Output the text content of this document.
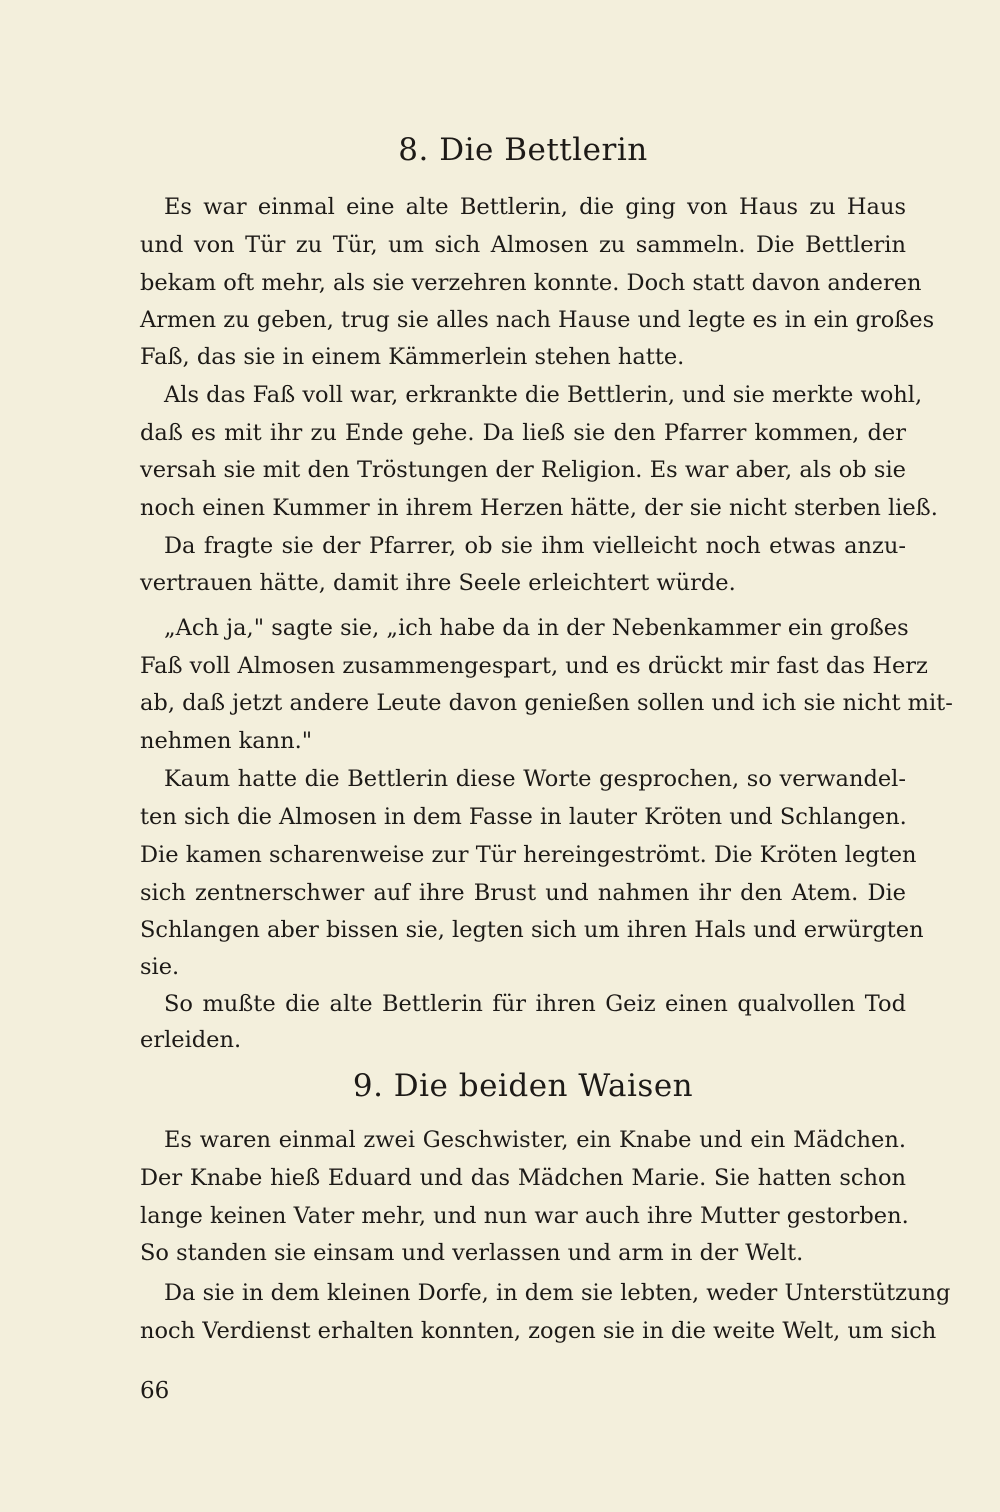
8. Die Bettlerin
Es war einmal eine alte Bettlerin, die ging von Haus zu Haus
und von Tür zu Tür, um sich Almosen zu sammeln. Die Bettlerin
bekam oft mehr, als sie verzehren konnte. Doch statt davon anderen
Armen zu geben, trug sie alles nach Hause und legte es in ein großes
Faß, das sie in einem Kämmerlein stehen hatte.
Als das Faß voll war, erkrankte die Bettlerin, und sie merkte wohl,
daß es mit ihr zu Ende gehe. Da ließ sie den Pfarrer kommen, der
versah sie mit den Tröstungen der Religion. Es war aber, als ob sie
noch einen Kummer in ihrem Herzen hätte, der sie nicht sterben ließ.
Da fragte sie der Pfarrer, ob sie ihm vielleicht noch etwas anzu-
vertrauen hätte, damit ihre Seele erleichtert würde.
„Ach ja," sagte sie, „ich habe da in der Nebenkammer ein großes
Faß voll Almosen zusammengespart, und es drückt mir fast das Herz
ab, daß jetzt andere Leute davon genießen sollen und ich sie nicht mit-
nehmen kann."
Kaum hatte die Bettlerin diese Worte gesprochen, so verwandel-
ten sich die Almosen in dem Fasse in lauter Kröten und Schlangen.
Die kamen scharenweise zur Tür hereingeströmt. Die Kröten legten
sich zentnerschwer auf ihre Brust und nahmen ihr den Atem. Die
Schlangen aber bissen sie, legten sich um ihren Hals und erwürgten
sie.
So mußte die alte Bettlerin für ihren Geiz einen qualvollen Tod
erleiden.
9. Die beiden Waisen
Es waren einmal zwei Geschwister, ein Knabe und ein Mädchen.
Der Knabe hieß Eduard und das Mädchen Marie. Sie hatten schon
lange keinen Vater mehr, und nun war auch ihre Mutter gestorben.
So standen sie einsam und verlassen und arm in der Welt.
Da sie in dem kleinen Dorfe, in dem sie lebten, weder Unterstützung
noch Verdienst erhalten konnten, zogen sie in die weite Welt, um sich
66
